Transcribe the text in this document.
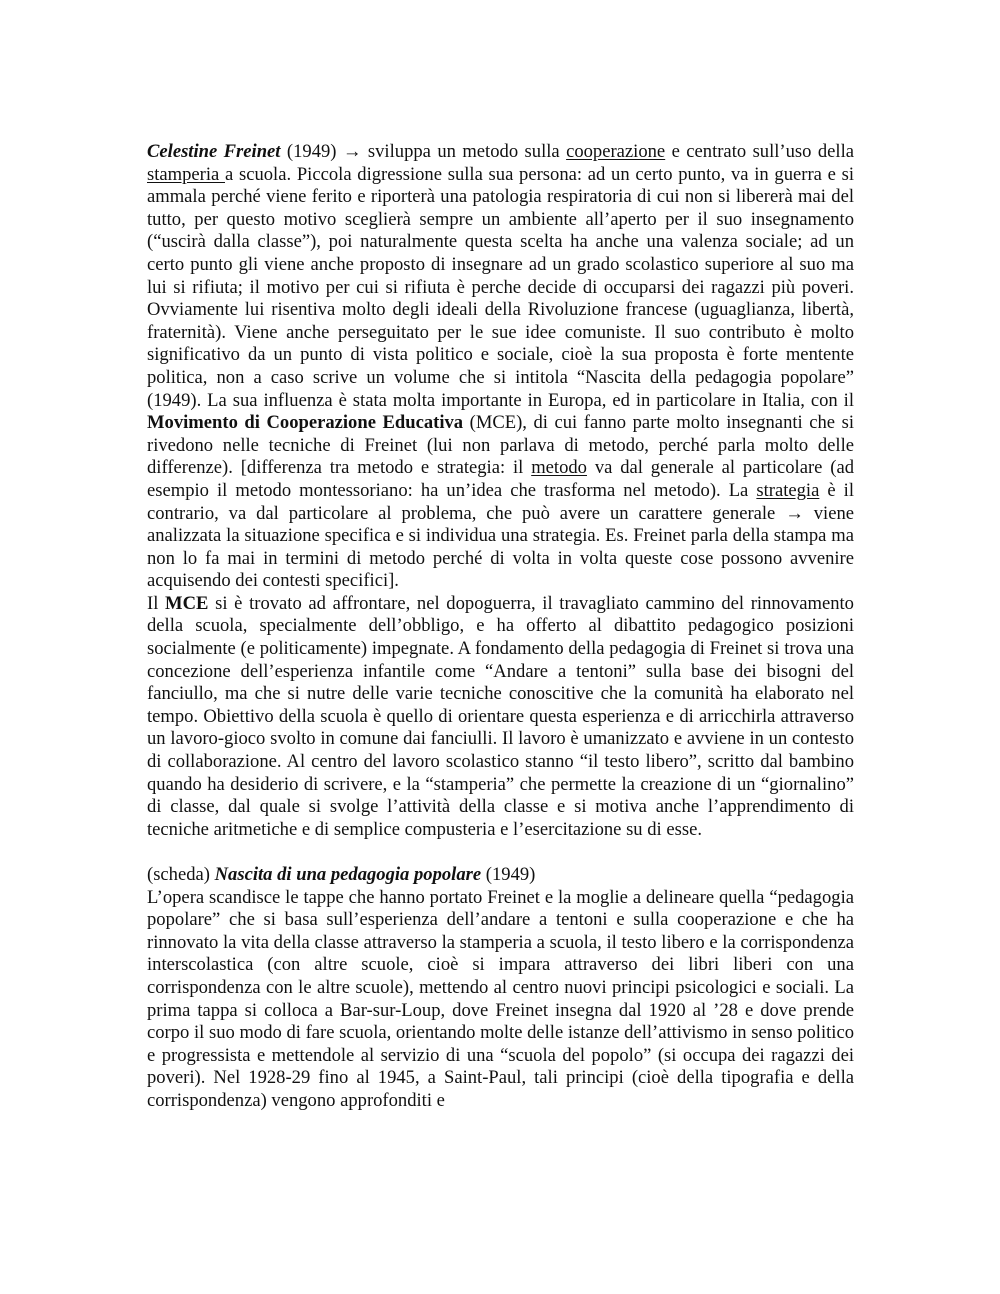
Celestine Freinet (1949) → sviluppa un metodo sulla cooperazione e centrato sull’uso della stamperia a scuola. Piccola digressione sulla sua persona: ad un certo punto, va in guerra e si ammala perché viene ferito e riporterà una patologia respiratoria di cui non si libererà mai del tutto, per questo motivo sceglierà sempre un ambiente all’aperto per il suo insegnamento (“uscirà dalla classe”), poi naturalmente questa scelta ha anche una valenza sociale; ad un certo punto gli viene anche proposto di insegnare ad un grado scolastico superiore al suo ma lui si rifiuta; il motivo per cui si rifiuta è perche decide di occuparsi dei ragazzi più poveri. Ovviamente lui risentiva molto degli ideali della Rivoluzione francese (uguaglianza, libertà, fraternità). Viene anche perseguitato per le sue idee comuniste. Il suo contributo è molto significativo da un punto di vista politico e sociale, cioè la sua proposta è forte mentente politica, non a caso scrive un volume che si intitola “Nascita della pedagogia popolare” (1949). La sua influenza è stata molta importante in Europa, ed in particolare in Italia, con il Movimento di Cooperazione Educativa (MCE), di cui fanno parte molto insegnanti che si rivedono nelle tecniche di Freinet (lui non parlava di metodo, perché parla molto delle differenze). [differenza tra metodo e strategia: il metodo va dal generale al particolare (ad esempio il metodo montessoriano: ha un’idea che trasforma nel metodo). La strategia è il contrario, va dal particolare al problema, che può avere un carattere generale → viene analizzata la situazione specifica e si individua una strategia. Es. Freinet parla della stampa ma non lo fa mai in termini di metodo perché di volta in volta queste cose possono avvenire acquisendo dei contesti specifici].

Il MCE si è trovato ad affrontare, nel dopoguerra, il travagliato cammino del rinnovamento della scuola, specialmente dell’obbligo, e ha offerto al dibattito pedagogico posizioni socialmente (e politicamente) impegnate. A fondamento della pedagogia di Freinet si trova una concezione dell’esperienza infantile come “Andare a tentoni” sulla base dei bisogni del fanciullo, ma che si nutre delle varie tecniche conoscitive che la comunità ha elaborato nel tempo. Obiettivo della scuola è quello di orientare questa esperienza e di arricchirla attraverso un lavoro-gioco svolto in comune dai fanciulli. Il lavoro è umanizzato e avviene in un contesto di collaborazione. Al centro del lavoro scolastico stanno “il testo libero”, scritto dal bambino quando ha desiderio di scrivere, e la “stamperia” che permette la creazione di un “giornalino” di classe, dal quale si svolge l’attività della classe e si motiva anche l’apprendimento di tecniche aritmetiche e di semplice compusteria e l’esercitazione su di esse.

(scheda) Nascita di una pedagogia popolare (1949)

L’opera scandisce le tappe che hanno portato Freinet e la moglie a delineare quella “pedagogia popolare” che si basa sull’esperienza dell’andare a tentoni e sulla cooperazione e che ha rinnovato la vita della classe attraverso la stamperia a scuola, il testo libero e la corrispondenza interscolastica (con altre scuole, cioè si impara attraverso dei libri liberi con una corrispondenza con le altre scuole), mettendo al centro nuovi principi psicologici e sociali. La prima tappa si colloca a Bar-sur-Loup, dove Freinet insegna dal 1920 al ’28 e dove prende corpo il suo modo di fare scuola, orientando molte delle istanze dell’attivismo in senso politico e progressista e mettendole al servizio di una “scuola del popolo” (si occupa dei ragazzi dei poveri). Nel 1928-29 fino al 1945, a Saint-Paul, tali principi (cioè della tipografia e della corrispondenza) vengono approfonditi e
